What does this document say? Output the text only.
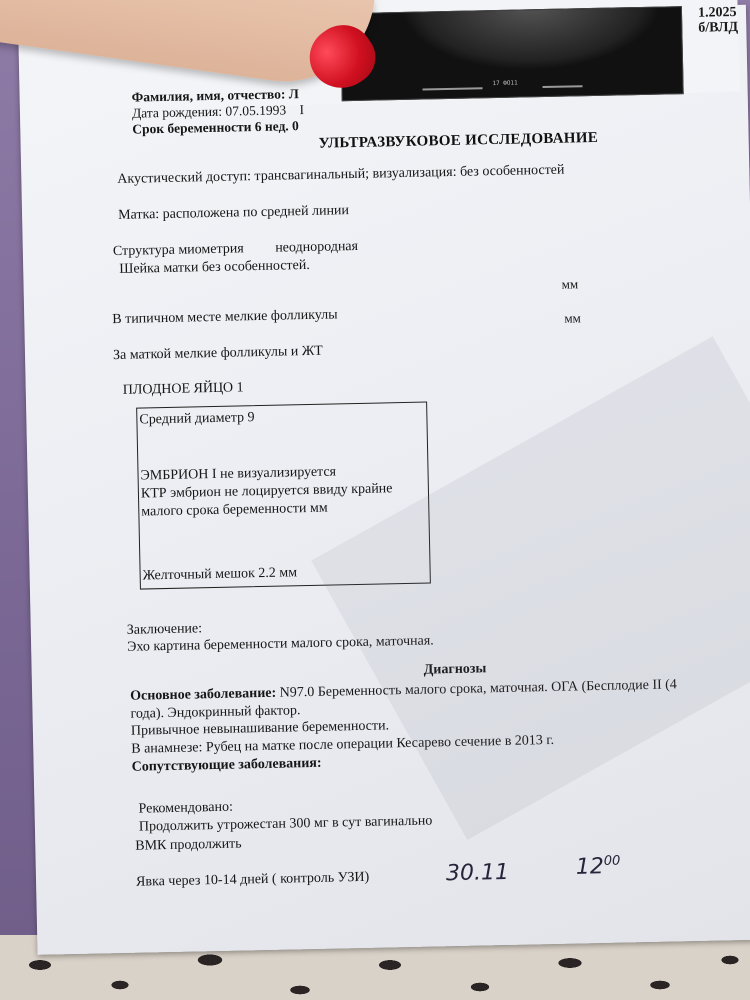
17 ФО11
1.2025
б/ВЛД
Фамилия, имя, отчество: Л
Дата рождения: 07.05.1993 І
Срок беременности 6 нед. 0
УЛЬТРАЗВУКОВОЕ ИССЛЕДОВАНИЕ
Акустический доступ: трансвагинальный; визуализация: без особенностей
Матка: расположена по средней линии
Структура миометрия неоднородная
Шейка матки без особенностей.
мм
В типичном месте мелкие фолликулы	мм
За маткой мелкие фолликулы и ЖТ
ПЛОДНОЕ ЯЙЦО 1
Средний диаметр 9
ЭМБРИОН I не визуализируется
КТР эмбрион не лоцируется ввиду крайне
малого срока беременности мм
Желточный мешок 2.2 мм
Заключение:
Эхо картина беременности малого срока, маточная.
Диагнозы
Основное заболевание: N97.0 Беременность малого срока, маточная. ОГА (Бесплодие II (4
года). Эндокринный фактор.
Привычное невынашивание беременности.
В анамнезе: Рубец на матке после операции Кесарево сечение в 2013 г.
Сопутствующие заболевания:
Рекомендовано:
Продолжить утрожестан 300 мг в сут вагинально
ВМК продолжить
Явка через 10-14 дней ( контроль УЗИ)	30.11	$12^{00}$
